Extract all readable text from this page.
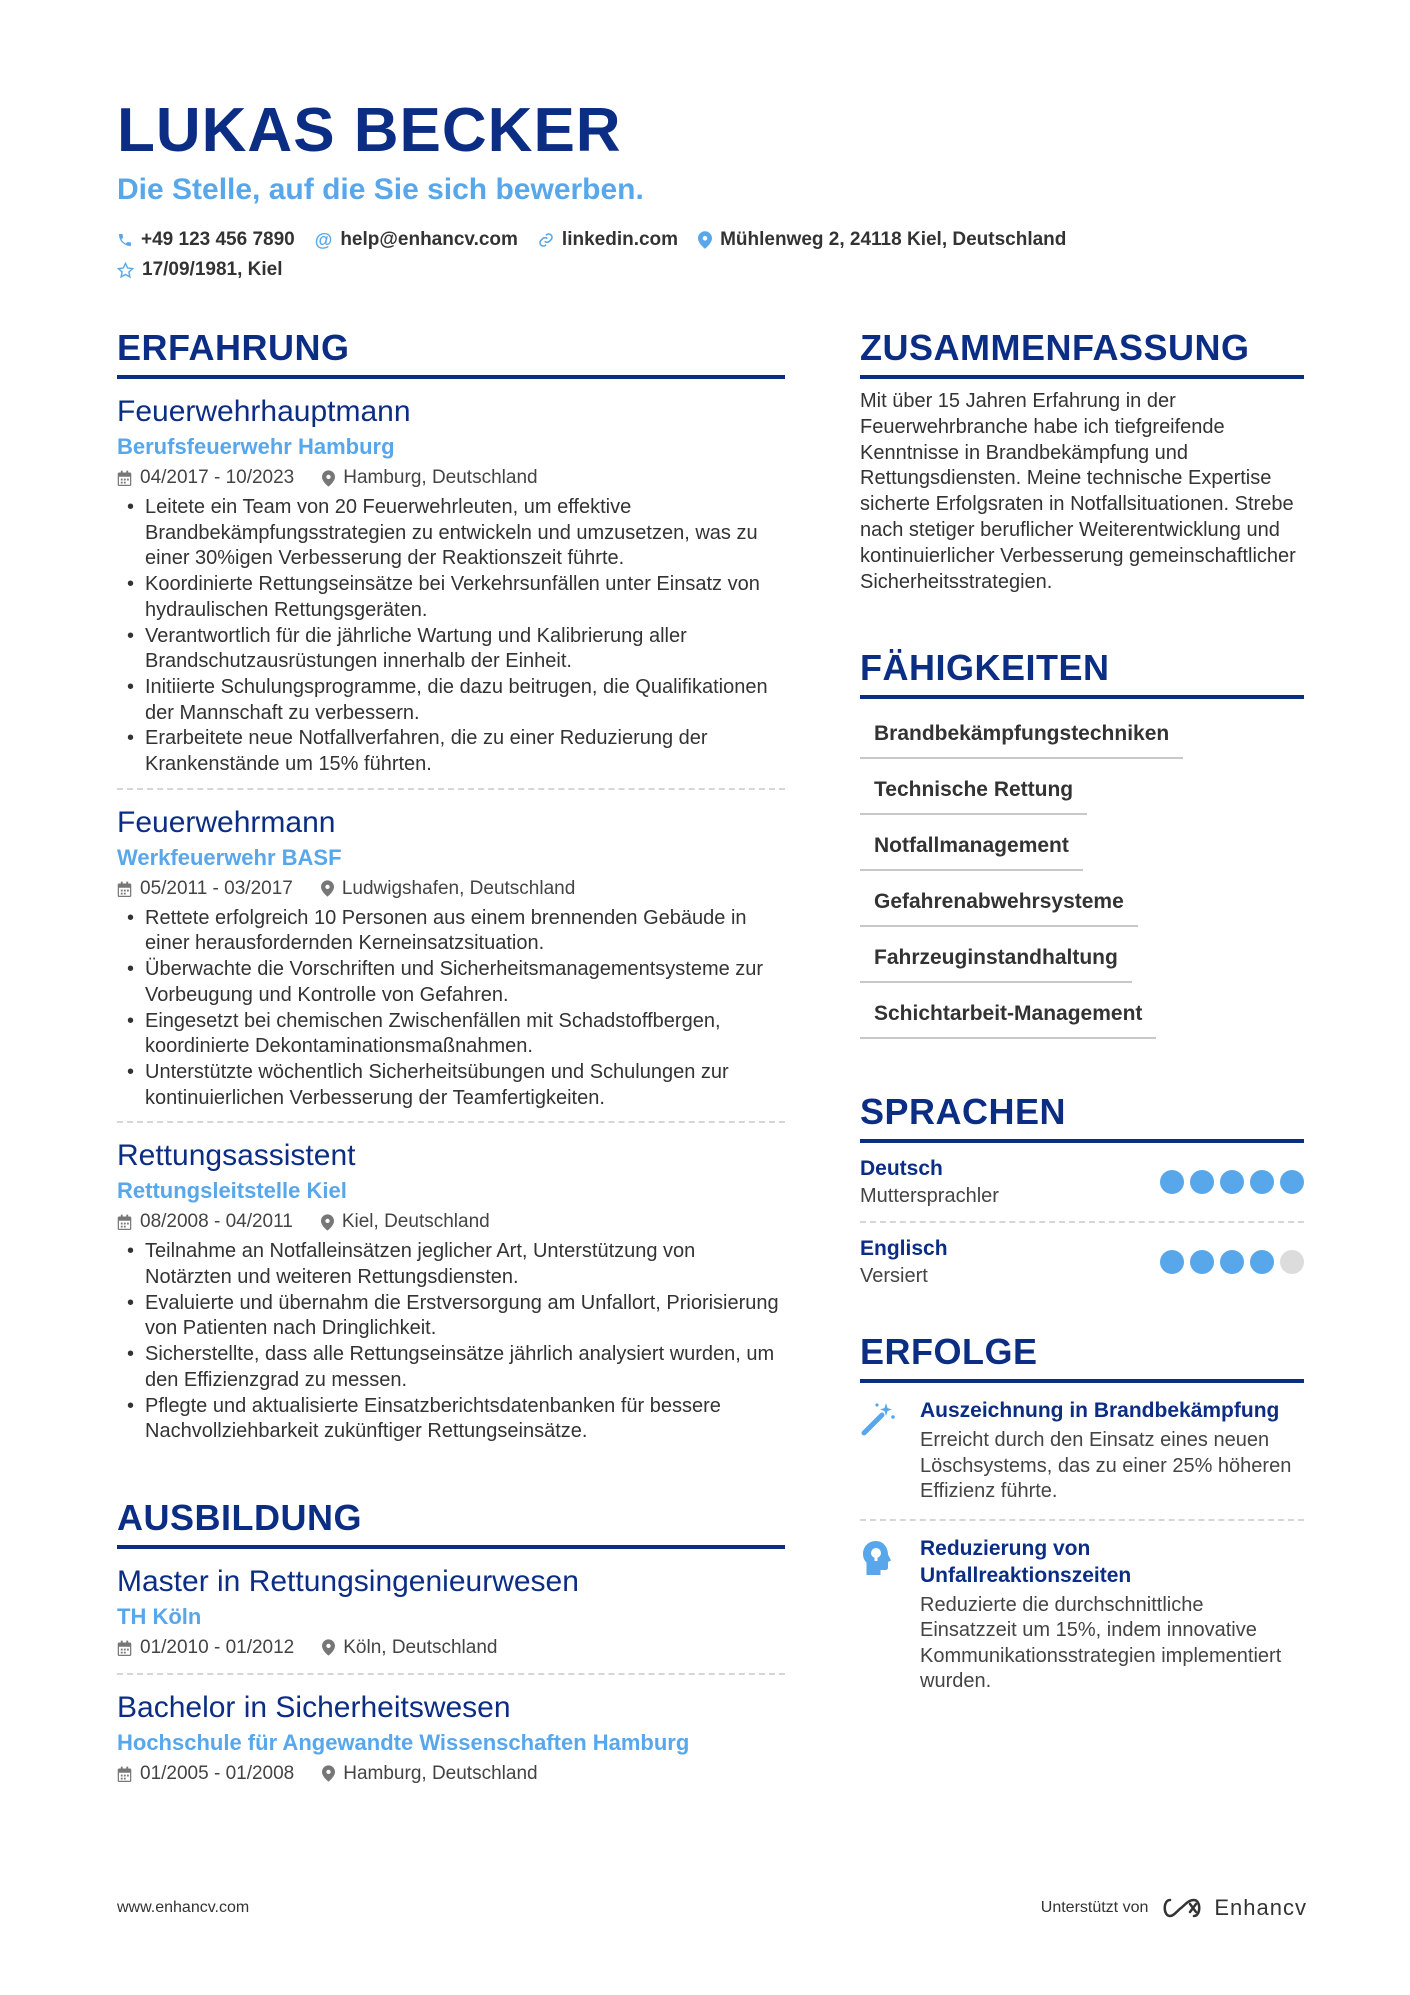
LUKAS BECKER
Die Stelle, auf die Sie sich bewerben.
+49 123 456 7890 @ help@enhancv.com linkedin.com Mühlenweg 2, 24118 Kiel, Deutschland
17/09/1981, Kiel
ERFAHRUNG
Feuerwehrhauptmann
Berufsfeuerwehr Hamburg
04/2017 - 10/2023	Hamburg, Deutschland
• Leitete ein Team von 20 Feuerwehrleuten, um effektive Brandbekämpfungsstrategien zu entwickeln und umzusetzen, was zu einer 30%igen Verbesserung der Reaktionszeit führte.
• Koordinierte Rettungseinsätze bei Verkehrsunfällen unter Einsatz von hydraulischen Rettungsgeräten.
• Verantwortlich für die jährliche Wartung und Kalibrierung aller Brandschutzausrüstungen innerhalb der Einheit.
• Initiierte Schulungsprogramme, die dazu beitrugen, die Qualifikationen der Mannschaft zu verbessern.
• Erarbeitete neue Notfallverfahren, die zu einer Reduzierung der Krankenstände um 15% führten.
Feuerwehrmann
Werkfeuerwehr BASF
05/2011 - 03/2017	Ludwigshafen, Deutschland
• Rettete erfolgreich 10 Personen aus einem brennenden Gebäude in einer herausfordernden Kerneinsatzsituation.
• Überwachte die Vorschriften und Sicherheitsmanagementsysteme zur Vorbeugung und Kontrolle von Gefahren.
• Eingesetzt bei chemischen Zwischenfällen mit Schadstoffbergen, koordinierte Dekontaminationsmaßnahmen.
• Unterstützte wöchentlich Sicherheitsübungen und Schulungen zur kontinuierlichen Verbesserung der Teamfertigkeiten.
Rettungsassistent
Rettungsleitstelle Kiel
08/2008 - 04/2011	Kiel, Deutschland
• Teilnahme an Notfalleinsätzen jeglicher Art, Unterstützung von Notärzten und weiteren Rettungsdiensten.
• Evaluierte und übernahm die Erstversorgung am Unfallort, Priorisierung von Patienten nach Dringlichkeit.
• Sicherstellte, dass alle Rettungseinsätze jährlich analysiert wurden, um den Effizienzgrad zu messen.
• Pflegte und aktualisierte Einsatzberichtsdatenbanken für bessere Nachvollziehbarkeit zukünftiger Rettungseinsätze.
AUSBILDUNG
Master in Rettungsingenieurwesen
TH Köln
01/2010 - 01/2012	Köln, Deutschland
Bachelor in Sicherheitswesen
Hochschule für Angewandte Wissenschaften Hamburg
01/2005 - 01/2008	Hamburg, Deutschland
ZUSAMMENFASSUNG
Mit über 15 Jahren Erfahrung in der Feuerwehrbranche habe ich tiefgreifende Kenntnisse in Brandbekämpfung und Rettungsdiensten. Meine technische Expertise sicherte Erfolgsraten in Notfallsituationen. Strebe nach stetiger beruflicher Weiterentwicklung und kontinuierlicher Verbesserung gemeinschaftlicher Sicherheitsstrategien.
FÄHIGKEITEN
Brandbekämpfungstechniken
Technische Rettung
Notfallmanagement
Gefahrenabwehrsysteme
Fahrzeuginstandhaltung
Schichtarbeit-Management
SPRACHEN
Deutsch
Muttersprachler
Englisch
Versiert
ERFOLGE
Auszeichnung in Brandbekämpfung
Erreicht durch den Einsatz eines neuen Löschsystems, das zu einer 25% höheren Effizienz führte.
Reduzierung von Unfallreaktionszeiten
Reduzierte die durchschnittliche Einsatzzeit um 15%, indem innovative Kommunikationsstrategien implementiert wurden.
www.enhancv.com	Unterstützt von	Enhancv
